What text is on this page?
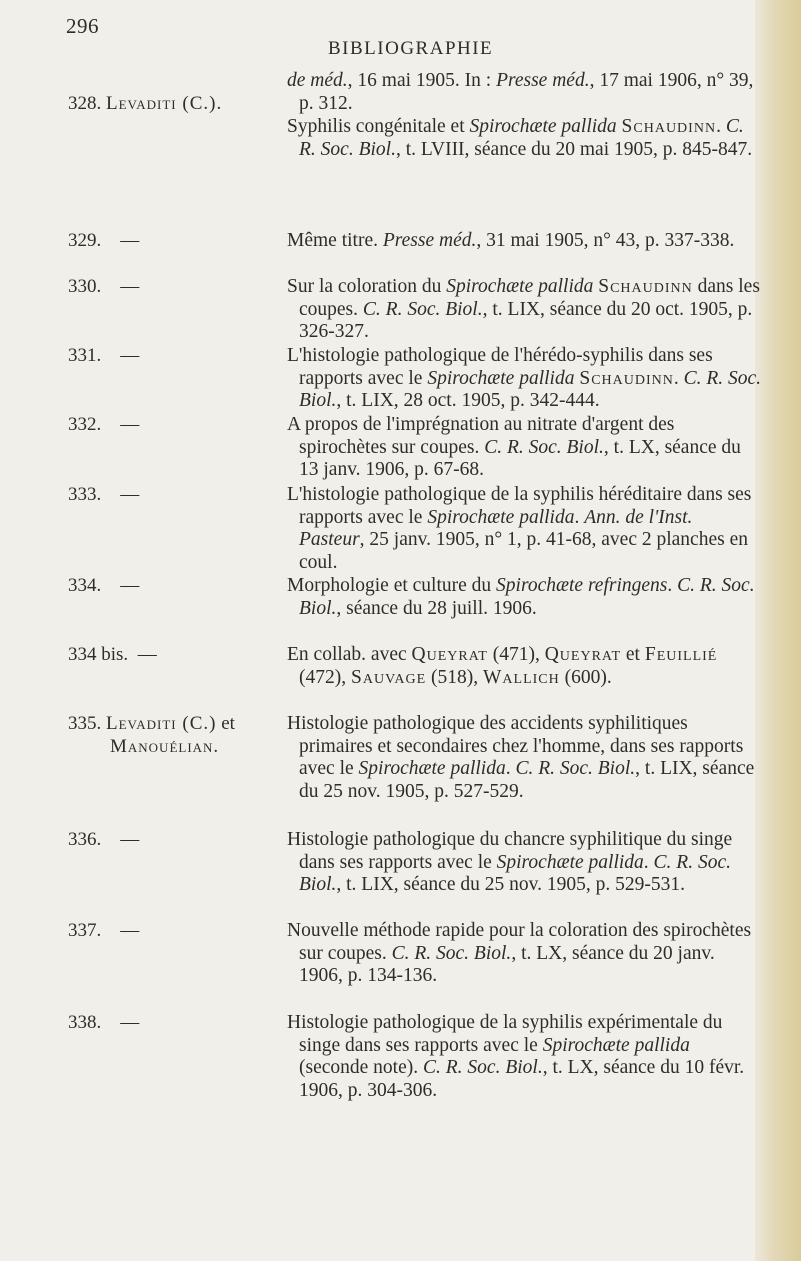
296
BIBLIOGRAPHIE
328. Levaditi (C.).
329. —
330. —
331. —
332. —
333. —
334. —
334 bis. —
335. Levaditi (C.) et
Manouélian.
336. —
337. —
338. —

de méd., 16 mai 1905. In : Presse méd., 17 mai 1906, n° 39, p. 312.

Syphilis congénitale et Spirochæte pallida Schaudinn. C. R. Soc. Biol., t. LVIII, séance du 20 mai 1905, p. 845-847.

Même titre. Presse méd., 31 mai 1905, n° 43, p. 337-338.

Sur la coloration du Spirochæte pallida Schaudinn dans les coupes. C. R. Soc. Biol., t. LIX, séance du 20 oct. 1905, p. 326-327.

L'histologie pathologique de l'hérédo-syphilis dans ses rapports avec le Spirochæte pallida Schaudinn. C. R. Soc. Biol., t. LIX, 28 oct. 1905, p. 342-444.

A propos de l'imprégnation au nitrate d'argent des spirochètes sur coupes. C. R. Soc. Biol., t. LX, séance du 13 janv. 1906, p. 67-68.

L'histologie pathologique de la syphilis héréditaire dans ses rapports avec le Spirochæte pallida. Ann. de l'Inst. Pasteur, 25 janv. 1905, n° 1, p. 41-68, avec 2 planches en coul.

Morphologie et culture du Spirochæte refringens. C. R. Soc. Biol., séance du 28 juill. 1906.

En collab. avec Queyrat (471), Queyrat et Feuillié (472), Sauvage (518), Wallich (600).

Histologie pathologique des accidents syphilitiques primaires et secondaires chez l'homme, dans ses rapports avec le Spirochæte pallida. C. R. Soc. Biol., t. LIX, séance du 25 nov. 1905, p. 527-529.

Histologie pathologique du chancre syphilitique du singe dans ses rapports avec le Spirochæte pallida. C. R. Soc. Biol., t. LIX, séance du 25 nov. 1905, p. 529-531.

Nouvelle méthode rapide pour la coloration des spirochètes sur coupes. C. R. Soc. Biol., t. LX, séance du 20 janv. 1906, p. 134-136.

Histologie pathologique de la syphilis expérimentale du singe dans ses rapports avec le Spirochæte pallida (seconde note). C. R. Soc. Biol., t. LX, séance du 10 févr. 1906, p. 304-306.
